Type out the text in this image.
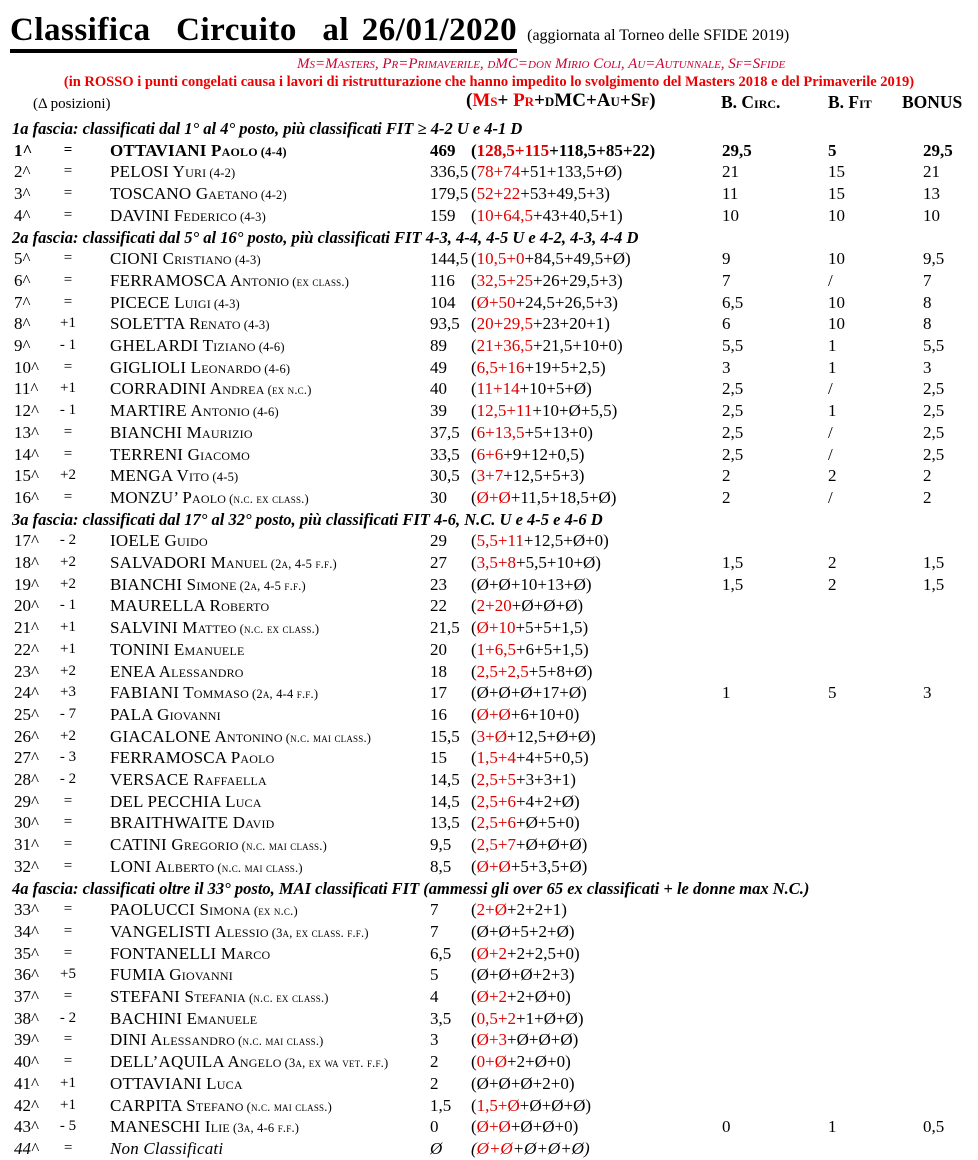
Classifica  Circuito  al 26/01/2020 (aggiornata al Torneo delle SFIDE 2019)
Ms=Masters, Pr=Primaverile, dMC=don Mirio Coli, Au=Autunnale, Sf=Sfide
(in ROSSO i punti congelati causa i lavori di ristrutturazione che hanno impedito lo svolgimento del Masters 2018 e del Primaverile 2019)
(Δ posizioni)	(Ms+ Pr+dMC+Au+Sf)	B. Circ.	B. Fit BONUS
1a fascia: classificati dal 1° al 4° posto, più classificati FIT ≥ 4-2 U e 4-1 D
1^	=	OTTAVIANI Paolo (4-4)	469 (128,5+115+118,5+85+22)	29,5	5	29,5
2^	=	PELOSI Yuri (4-2)	336,5 (78+74+51+133,5+Ø)	21	15	21
3^	=	TOSCANO Gaetano (4-2)	179,5 (52+22+53+49,5+3)	11	15	13
4^	=	DAVINI Federico (4-3)	159 (10+64,5+43+40,5+1)	10	10	10
2a fascia: classificati dal 5° al 16° posto, più classificati FIT 4-3, 4-4, 4-5 U e 4-2, 4-3, 4-4 D
5^	=	CIONI Cristiano (4-3)	144,5 (10,5+0+84,5+49,5+Ø)	9	10	9,5
6^	=	FERRAMOSCA Antonio (ex class.)	116 (32,5+25+26+29,5+3)	7	/	7
7^	=	PICECE Luigi (4-3)	104 (Ø+50+24,5+26,5+3)	6,5	10	8
8^	+1	SOLETTA Renato (4-3)	93,5 (20+29,5+23+20+1)	6	10	8
9^	- 1	GHELARDI Tiziano (4-6)	89 (21+36,5+21,5+10+0)	5,5	1	5,5
10^	=	GIGLIOLI Leonardo (4-6)	49 (6,5+16+19+5+2,5)	3	1	3
11^	+1	CORRADINI Andrea (ex n.c.)	40 (11+14+10+5+Ø)	2,5	/	2,5
12^	- 1	MARTIRE Antonio (4-6)	39 (12,5+11+10+Ø+5,5)	2,5	1	2,5
13^	=	BIANCHI Maurizio	37,5 (6+13,5+5+13+0)	2,5	/	2,5
14^	=	TERRENI Giacomo	33,5 (6+6+9+12+0,5)	2,5	/	2,5
15^	+2	MENGA Vito (4-5)	30,5 (3+7+12,5+5+3)	2	2	2
16^	=	MONZU’ Paolo (n.c. ex class.)	30 (Ø+Ø+11,5+18,5+Ø)	2	/	2
3a fascia: classificati dal 17° al 32° posto, più classificati FIT 4-6, N.C. U e 4-5 e 4-6 D
17^	- 2	IOELE Guido	29 (5,5+11+12,5+Ø+0)
18^	+2	SALVADORI Manuel (2a, 4-5 f.f.)	27 (3,5+8+5,5+10+Ø)	1,5	2	1,5
19^	+2	BIANCHI Simone (2a, 4-5 f.f.)	23 (Ø+Ø+10+13+Ø)	1,5	2	1,5
20^	- 1	MAURELLA Roberto	22 (2+20+Ø+Ø+Ø)
21^	+1	SALVINI Matteo (n.c. ex class.)	21,5 (Ø+10+5+5+1,5)
22^	+1	TONINI Emanuele	20 (1+6,5+6+5+1,5)
23^	+2	ENEA Alessandro	18 (2,5+2,5+5+8+Ø)
24^	+3	FABIANI Tommaso (2a, 4-4 f.f.)	17 (Ø+Ø+Ø+17+Ø)	1	5	3
25^	- 7	PALA Giovanni	16 (Ø+Ø+6+10+0)
26^	+2	GIACALONE Antonino (n.c. mai class.)	15,5 (3+Ø+12,5+Ø+Ø)
27^	- 3	FERRAMOSCA Paolo	15 (1,5+4+4+5+0,5)
28^	- 2	VERSACE Raffaella	14,5 (2,5+5+3+3+1)
29^	=	DEL PECCHIA Luca	14,5 (2,5+6+4+2+Ø)
30^	=	BRAITHWAITE David	13,5 (2,5+6+Ø+5+0)
31^	=	CATINI Gregorio (n.c. mai class.)	9,5 (2,5+7+Ø+Ø+Ø)
32^	=	LONI Alberto (n.c. mai class.)	8,5 (Ø+Ø+5+3,5+Ø)
4a fascia: classificati oltre il 33° posto, MAI classificati FIT (ammessi gli over 65 ex classificati + le donne max N.C.)
33^	=	PAOLUCCI Simona (ex n.c.)	7 (2+Ø+2+2+1)
34^	=	VANGELISTI Alessio (3a, ex class. f.f.)	7 (Ø+Ø+5+2+Ø)
35^	=	FONTANELLI Marco	6,5 (Ø+2+2+2,5+0)
36^	+5	FUMIA Giovanni	5 (Ø+Ø+Ø+2+3)
37^	=	STEFANI Stefania (n.c. ex class.)	4 (Ø+2+2+Ø+0)
38^	- 2	BACHINI Emanuele	3,5 (0,5+2+1+Ø+Ø)
39^	=	DINI Alessandro (n.c. mai class.)	3 (Ø+3+Ø+Ø+Ø)
40^	=	DELL’AQUILA Angelo (3a, ex wa vet. f.f.) 2 (0+Ø+2+Ø+0)
41^	+1	OTTAVIANI Luca	2 (Ø+Ø+Ø+2+0)
42^	+1	CARPITA Stefano (n.c. mai class.)	1,5 (1,5+Ø+Ø+Ø+Ø)
43^	- 5	MANESCHI Ilie (3a, 4-6 f.f.)	0 (Ø+Ø+Ø+Ø+0)	0	1	0,5
44^	=	Non Classificati	Ø (Ø+Ø+Ø+Ø+Ø)
